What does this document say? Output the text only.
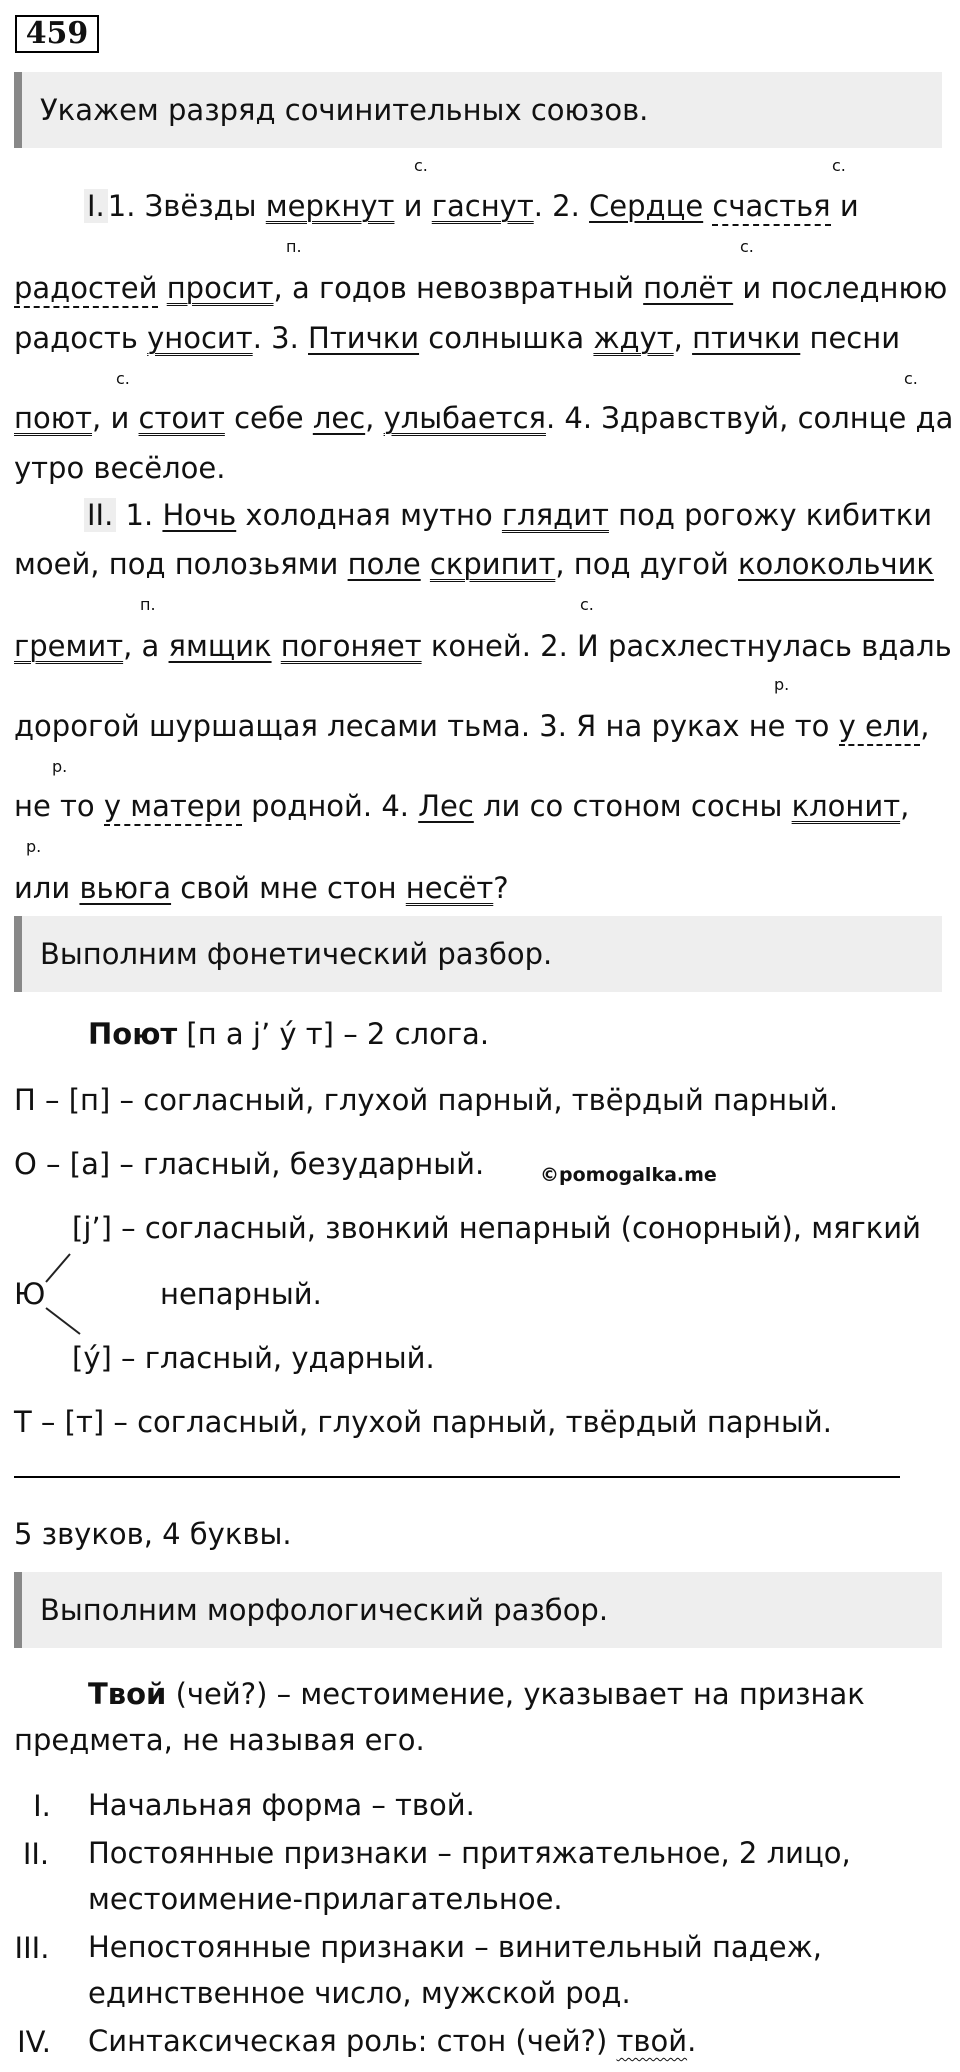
459
Укажем разряд сочинительных союзов.
с.	с.
I. 1. Звёзды меркнут и гаснут. 2. Сердце счастья и
п.	с.
радостей просит, а годов невозвратный полёт и последнюю
радость уносит. 3. Птички солнышка ждут, птички песни
с.	с.
поют, и стоит себе лес, улыбается. 4. Здравствуй, солнце да
утро весёлое.
II. 1. Ночь холодная мутно глядит под рогожу кибитки
моей, под полозьями поле скрипит, под дугой колокольчик
п.	с.
гремит, а ямщик погоняет коней. 2. И расхлестнулась вдаль
р.
дорогой шуршащая лесами тьма. 3. Я на руках не то у ели,
р.
не то у матери родной. 4. Лес ли со стоном сосны клонит,
р.
или вьюга свой мне стон несёт?
Выполним фонетический разбор.
Поют [п а j’ ý т] – 2 слога.
П – [п] – согласный, глухой парный, твёрдый парный.
О – [а] – гласный, безударный.	©pomogalka.me
[j’] – согласный, звонкий непарный (сонорный), мягкий
Ю	непарный.
[ý] – гласный, ударный.
Т – [т] – согласный, глухой парный, твёрдый парный.
5 звуков, 4 буквы.
Выполним морфологический разбор.
Твой (чей?) – местоимение, указывает на признак
предмета, не называя его.
I.	Начальная форма – твой.
II.	Постоянные признаки – притяжательное, 2 лицо,
местоимение-прилагательное.
III.	Непостоянные признаки – винительный падеж,
единственное число, мужской род.
IV.	Синтаксическая роль: стон (чей?) твой.
